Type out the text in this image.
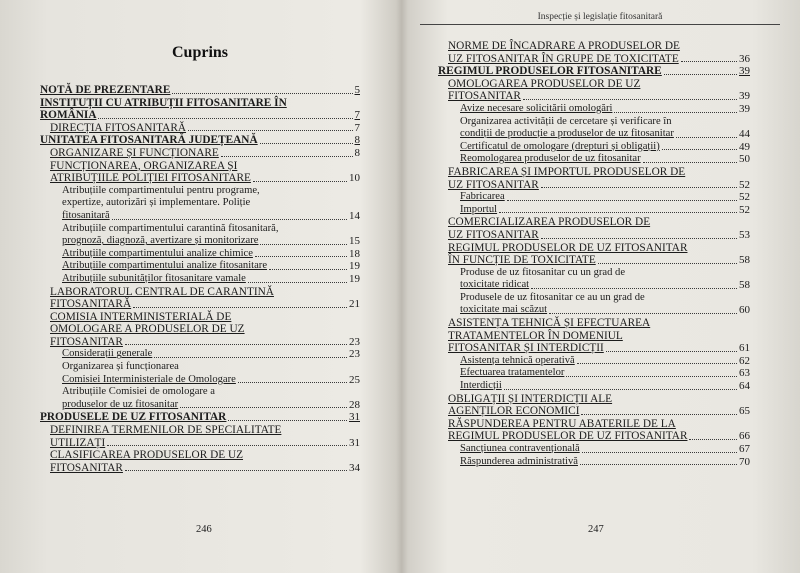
Cuprins
NOTĂ DE PREZENTARE	5
INSTITUȚII CU ATRIBUȚII FITOSANITARE ÎN
ROMÂNIA	7
DIRECȚIA FITOSANITARĂ	7
UNITATEA FITOSANITARĂ JUDEȚEANĂ	8
ORGANIZARE ȘI FUNCȚIONARE	8
FUNCȚIONAREA, ORGANIZAREA ȘI
ATRIBUȚIILE POLIȚIEI FITOSANITARE	10
Atribuțiile compartimentului pentru programe,
expertize, autorizări și implementare. Poliție
fitosanitară	14
Atribuțiile compartimentului carantină fitosanitară,
prognoză, diagnoză, avertizare și monitorizare	15
Atribuțiile compartimentului analize chimice	18
Atribuțiile compartimentului analize fitosanitare	19
Atribuțiile subunităților fitosanitare vamale	19
LABORATORUL CENTRAL DE CARANTINĂ
FITOSANITARĂ	21
COMISIA INTERMINISTERIALĂ DE
OMOLOGARE A PRODUSELOR DE UZ
FITOSANITAR	23
Considerații generale	23
Organizarea și funcționarea
Comisiei Interministeriale de Omologare	25
Atribuțiile Comisiei de omologare a
produselor de uz fitosanitar	28
PRODUSELE DE UZ FITOSANITAR	31
DEFINIREA TERMENILOR DE SPECIALITATE
UTILIZAȚI	31
CLASIFICAREA PRODUSELOR DE UZ
FITOSANITAR	34
246
Inspecție și legislație fitosanitară
NORME DE ÎNCADRARE A PRODUSELOR DE
UZ FITOSANITAR ÎN GRUPE DE TOXICITATE	36
REGIMUL PRODUSELOR FITOSANITARE	39
OMOLOGAREA PRODUSELOR DE UZ
FITOSANITAR	39
Avize necesare solicitării omologări	39
Organizarea activității de cercetare și verificare în
condiții de producție a produselor de uz fitosanitar	44
Certificatul de omologare (drepturi și obligații)	49
Reomologarea produselor de uz fitosanitar	50
FABRICAREA ȘI IMPORTUL PRODUSELOR DE
UZ FITOSANITAR	52
Fabricarea	52
Importul	52
COMERCIALIZAREA PRODUSELOR DE
UZ FITOSANITAR	53
REGIMUL PRODUSELOR DE UZ FITOSANITAR
ÎN FUNCȚIE DE TOXICITATE	58
Produse de uz fitosanitar cu un grad de
toxicitate ridicat	58
Produsele de uz fitosanitar ce au un grad de
toxicitate mai scăzut	60
ASISTENȚA TEHNICĂ ȘI EFECTUAREA
TRATAMENTELOR ÎN DOMENIUL
FITOSANITAR ȘI INTERDICȚII	61
Asistența tehnică operativă	62
Efectuarea tratamentelor	63
Interdicții	64
OBLIGAȚII ȘI INTERDICȚII ALE
AGENȚILOR ECONOMICI	65
RĂSPUNDEREA PENTRU ABATERILE DE LA
REGIMUL PRODUSELOR DE UZ FITOSANITAR	66
Sancțiunea contravențională	67
Răspunderea administrativă	70
247
